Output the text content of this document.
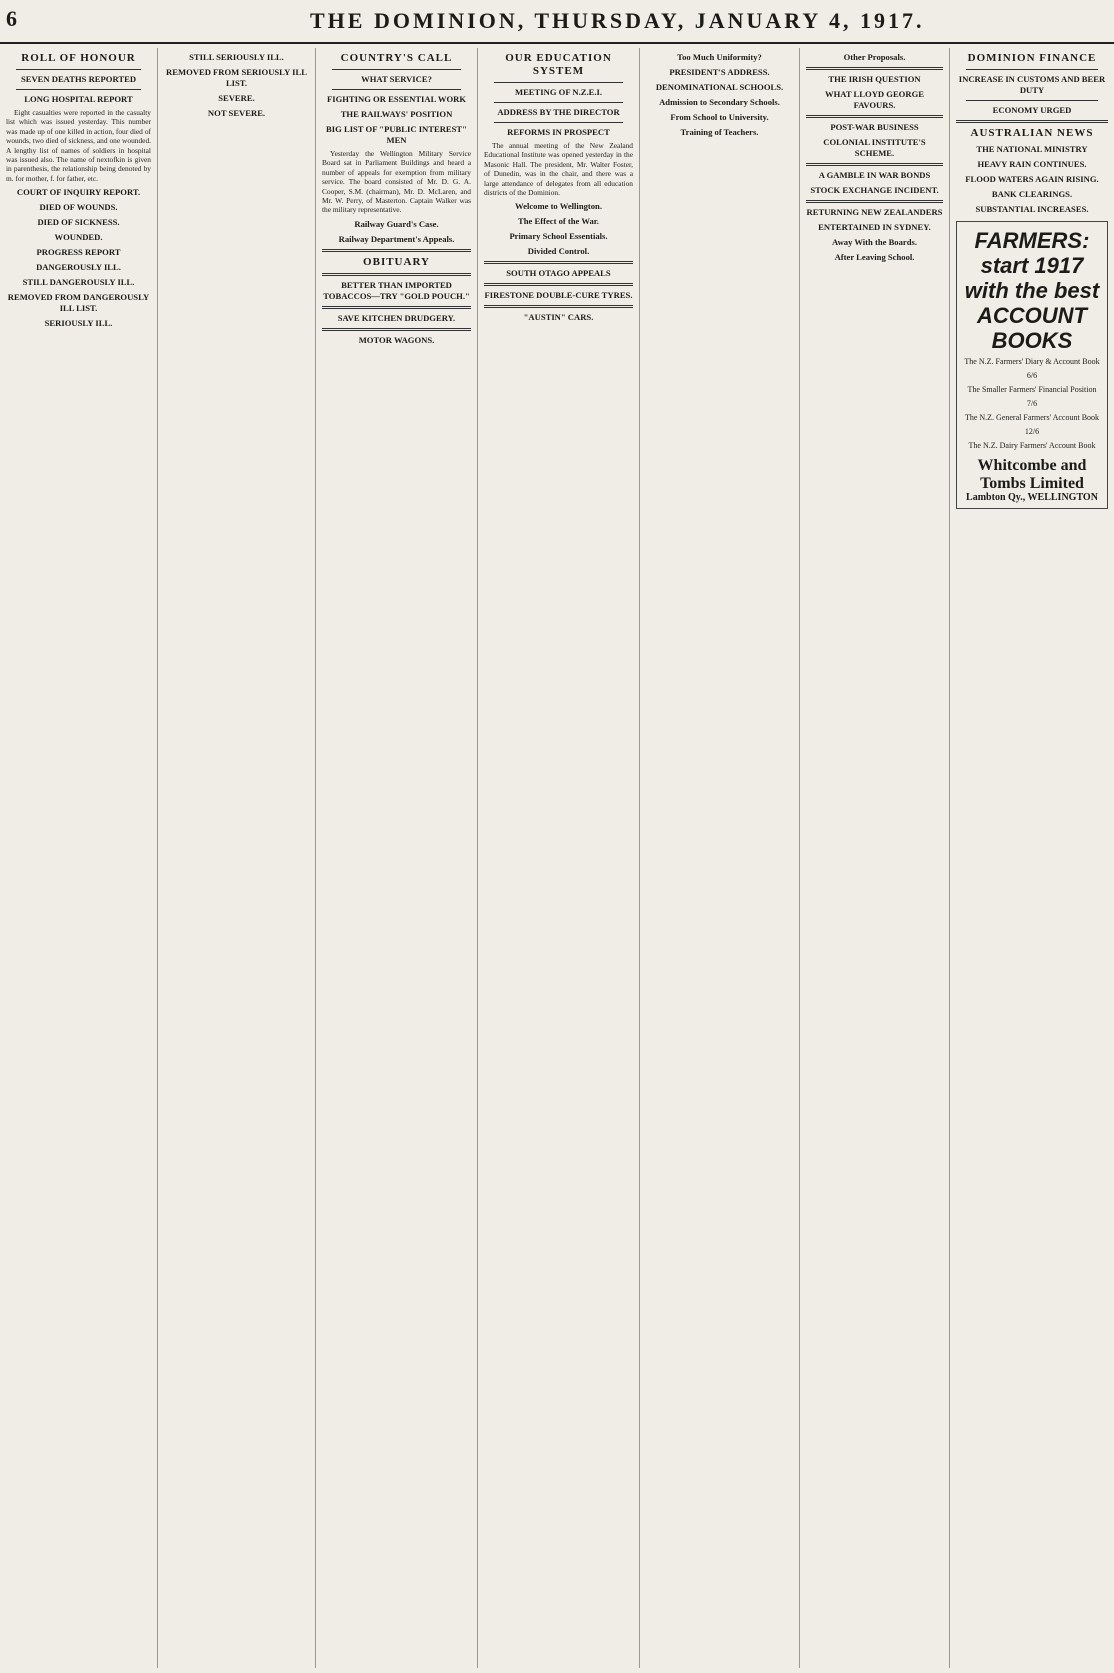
6	THE DOMINION, THURSDAY, JANUARY 4, 1917.
ROLL OF HONOUR
SEVEN DEATHS REPORTED
LONG HOSPITAL REPORT

Eight casualties were reported in the casualty list which was issued yesterday. This number was made up of one killed in action, four died of wounds, two died of sickness, and one wounded. A lengthy list of names of soldiers in hospital was issued also. The name of nextofkin is given in parenthesis, the relationship being denoted by m. for mother, f. for father, etc.

COURT OF INQUIRY REPORT.
DIED OF WOUNDS.
DIED OF SICKNESS.
WOUNDED.
PROGRESS REPORT
DANGEROUSLY ILL.
STILL DANGEROUSLY ILL.
REMOVED FROM DANGEROUSLY ILL LIST.
SERIOUSLY ILL.
STILL SERIOUSLY ILL.
REMOVED FROM SERIOUSLY ILL LIST.
SEVERE.
NOT SEVERE.
COUNTRY'S CALL
WHAT SERVICE?
FIGHTING OR ESSENTIAL WORK
THE RAILWAYS' POSITION
BIG LIST OF "PUBLIC INTEREST" MEN

Yesterday the Wellington Military Service Board sat in Parliament Buildings and heard a number of appeals for exemption from military service. The board consisted of Mr. D. G. A. Cooper, S.M. (chairman), Mr. D. McLaren, and Mr. W. Perry, of Masterton. Captain Walker was the military representative.

Railway Guard's Case.
Railway Department's Appeals.
OBITUARY
BETTER THAN IMPORTED TOBACCOS—TRY "GOLD POUCH."
SAVE KITCHEN DRUDGERY.
MOTOR WAGONS.
OUR EDUCATION SYSTEM
MEETING OF N.Z.E.I.
ADDRESS BY THE DIRECTOR
REFORMS IN PROSPECT

The annual meeting of the New Zealand Educational Institute was opened yesterday in the Masonic Hall. The president, Mr. Walter Foster, of Dunedin, was in the chair, and there was a large attendance of delegates from all education districts of the Dominion.

Welcome to Wellington.
The Effect of the War.
Primary School Essentials.
Divided Control.
SOUTH OTAGO APPEALS
FIRESTONE DOUBLE-CURE TYRES.
"AUSTIN" CARS.
Too Much Uniformity?
PRESIDENT'S ADDRESS.
DENOMINATIONAL SCHOOLS.
Admission to Secondary Schools.
From School to University.
Training of Teachers.
Other Proposals.
THE IRISH QUESTION
WHAT LLOYD GEORGE FAVOURS.
POST-WAR BUSINESS
COLONIAL INSTITUTE'S SCHEME.
A GAMBLE IN WAR BONDS
STOCK EXCHANGE INCIDENT.
RETURNING NEW ZEALANDERS
ENTERTAINED IN SYDNEY.
Away With the Boards.
After Leaving School.
DOMINION FINANCE
INCREASE IN CUSTOMS AND BEER DUTY
ECONOMY URGED
AUSTRALIAN NEWS
THE NATIONAL MINISTRY
HEAVY RAIN CONTINUES.
FLOOD WATERS AGAIN RISING.
BANK CLEARINGS.
SUBSTANTIAL INCREASES.
FARMERS: start 1917 with the best ACCOUNT BOOKS
The N.Z. Farmers' Diary & Account Book
6/6
The Smaller Farmers' Financial Position
7/6
The N.Z. General Farmers' Account Book
12/6
The N.Z. Dairy Farmers' Account Book
Whitcombe and Tombs Limited
Lambton Qy., WELLINGTON
